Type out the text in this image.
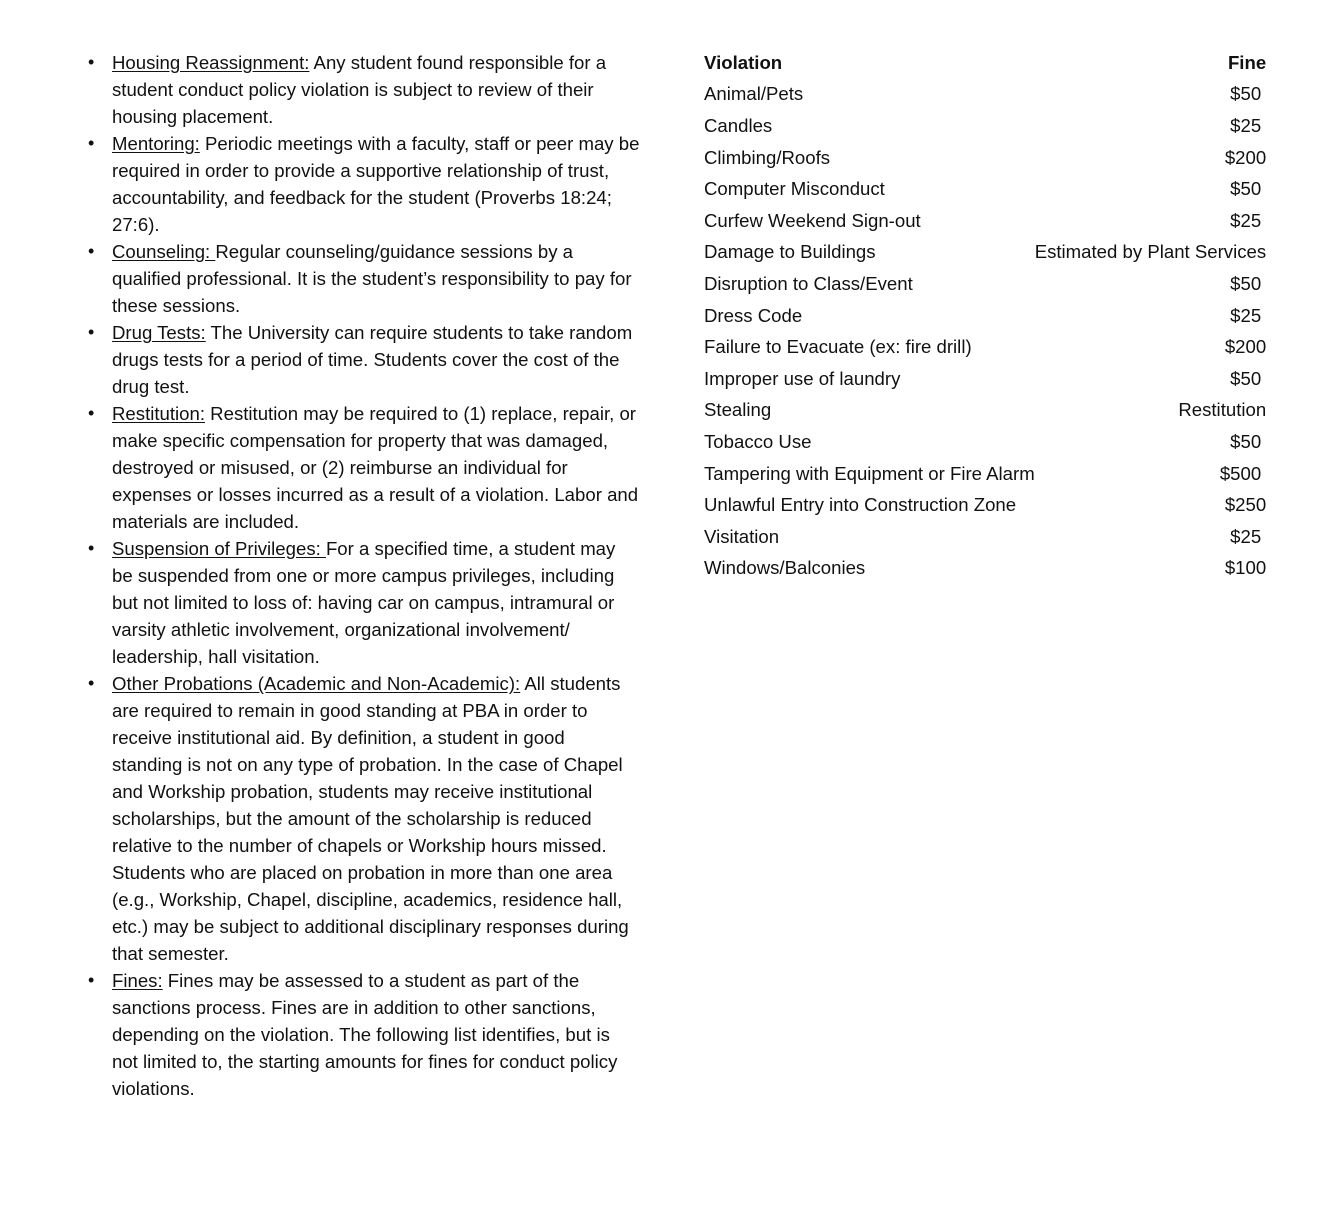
• Housing Reassignment: Any student found responsible for a student conduct policy violation is subject to review of their housing placement.
• Mentoring: Periodic meetings with a faculty, staff or peer may be required in order to provide a supportive relationship of trust, accountability, and feedback for the student (Proverbs 18:24; 27:6).
• Counseling: Regular counseling/guidance sessions by a qualified professional. It is the student’s responsibility to pay for these sessions.
• Drug Tests: The University can require students to take random drugs tests for a period of time. Students cover the cost of the drug test.
• Restitution: Restitution may be required to (1) replace, repair, or make specific compensation for property that was damaged, destroyed or misused, or (2) reimburse an individual for expenses or losses incurred as a result of a violation. Labor and materials are included.
• Suspension of Privileges: For a specified time, a student may be suspended from one or more campus privileges, including but not limited to loss of: having car on campus, intramural or varsity athletic involvement, organizational involvement/ leadership, hall visitation.
• Other Probations (Academic and Non-Academic): All students are required to remain in good standing at PBA in order to receive institutional aid. By definition, a student in good standing is not on any type of probation. In the case of Chapel and Workship probation, students may receive institutional scholarships, but the amount of the scholarship is reduced relative to the number of chapels or Workship hours missed. Students who are placed on probation in more than one area (e.g., Workship, Chapel, discipline, academics, residence hall, etc.) may be subject to additional disciplinary responses during that semester.
• Fines: Fines may be assessed to a student as part of the sanctions process. Fines are in addition to other sanctions, depending on the violation. The following list identifies, but is not limited to, the starting amounts for fines for conduct policy violations.
Violation	Fine
Animal/Pets	$50
Candles	$25
Climbing/Roofs	$200
Computer Misconduct	$50
Curfew Weekend Sign-out	$25
Damage to Buildings	Estimated by Plant Services
Disruption to Class/Event	$50
Dress Code	$25
Failure to Evacuate (ex: fire drill)	$200
Improper use of laundry	$50
Stealing	Restitution
Tobacco Use	$50
Tampering with Equipment or Fire Alarm	$500
Unlawful Entry into Construction Zone	$250
Visitation	$25
Windows/Balconies	$100
